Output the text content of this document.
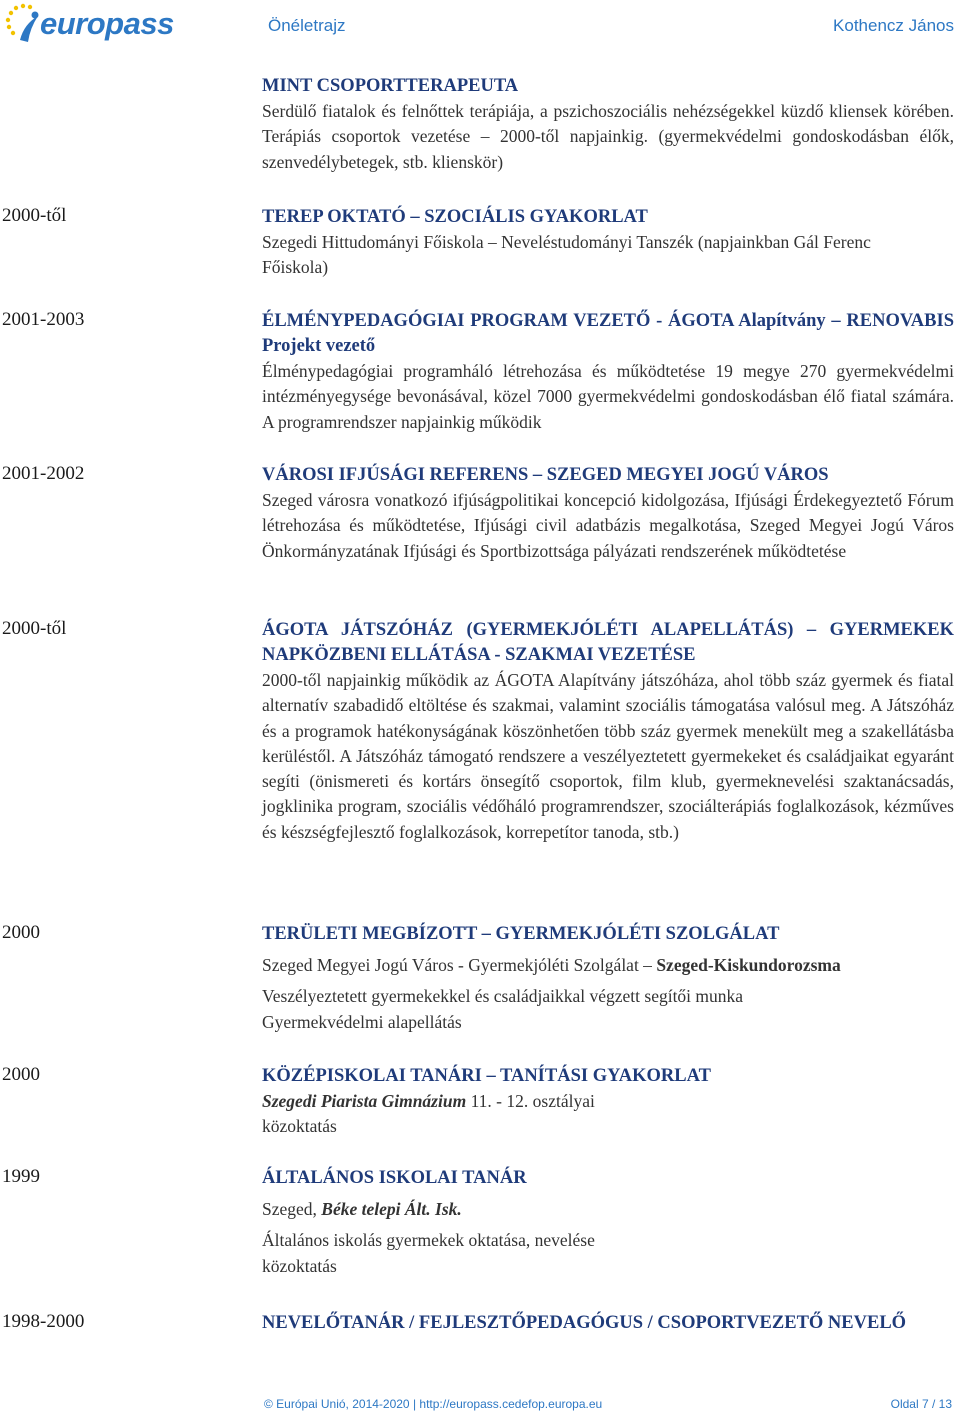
europass	Önéletrajz	Kothencz János
MINT CSOPORTTERAPEUTA
Serdülő fiatalok és felnőttek terápiája, a pszichoszociális nehézségekkel küzdő kliensek körében. Terápiás csoportok vezetése – 2000-től napjainkig. (gyermekvédelmi gondoskodásban élők, szenvedélybetegek, stb. klienskör)
2000-től	TEREP OKTATÓ – SZOCIÁLIS GYAKORLAT
Szegedi Hittudományi Főiskola – Neveléstudományi Tanszék (napjainkban Gál Ferenc Főiskola)
2001-2003	ÉLMÉNYPEDAGÓGIAI PROGRAM VEZETŐ - ÁGOTA Alapítvány – RENOVABIS Projekt vezető
Élménypedagógiai programháló létrehozása és működtetése 19 megye 270 gyermekvédelmi intézményegysége bevonásával, közel 7000 gyermekvédelmi gondoskodásban élő fiatal számára. A programrendszer napjainkig működik
2001-2002	VÁROSI IFJÚSÁGI REFERENS – SZEGED MEGYEI JOGÚ VÁROS
Szeged városra vonatkozó ifjúságpolitikai koncepció kidolgozása, Ifjúsági Érdekegyeztető Fórum létrehozása és működtetése, Ifjúsági civil adatbázis megalkotása, Szeged Megyei Jogú Város Önkormányzatának Ifjúsági és Sportbizottsága pályázati rendszerének működtetése
2000-től	ÁGOTA JÁTSZÓHÁZ (GYERMEKJÓLÉTI ALAPELLÁTÁS) – GYERMEKEK NAPKÖZBENI ELLÁTÁSA - SZAKMAI VEZETÉSE
2000-től napjainkig működik az ÁGOTA Alapítvány játszóháza, ahol több száz gyermek és fiatal alternatív szabadidő eltöltése és szakmai, valamint szociális támogatása valósul meg. A Játszóház és a programok hatékonyságának köszönhetően több száz gyermek menekült meg a szakellátásba kerüléstől. A Játszóház támogató rendszere a veszélyeztetett gyermekeket és családjaikat egyaránt segíti (önismereti és kortárs önsegítő csoportok, film klub, gyermeknevelési szaktanácsadás, jogklinika program, szociális védőháló programrendszer, szociálterápiás foglalkozások, kézműves és készségfejlesztő foglalkozások, korrepetítor tanoda, stb.)
2000	TERÜLETI MEGBÍZOTT – GYERMEKJÓLÉTI SZOLGÁLAT
Szeged Megyei Jogú Város - Gyermekjóléti Szolgálat – Szeged-Kiskundorozsma
Veszélyeztetett gyermekekkel és családjaikkal végzett segítői munka
Gyermekvédelmi alapellátás
2000	KÖZÉPISKOLAI TANÁRI – TANÍTÁSI GYAKORLAT
Szegedi Piarista Gimnázium 11. - 12. osztályai
közoktatás
1999	ÁLTALÁNOS ISKOLAI TANÁR
Szeged, Béke telepi Ált. Isk.
Általános iskolás gyermekek oktatása, nevelése
közoktatás
1998-2000	NEVELŐTANÁR / FEJLESZTŐPEDAGÓGUS / CSOPORTVEZETŐ NEVELŐ
© Európai Unió, 2014-2020 | http://europass.cedefop.europa.eu	Oldal 7 / 13
